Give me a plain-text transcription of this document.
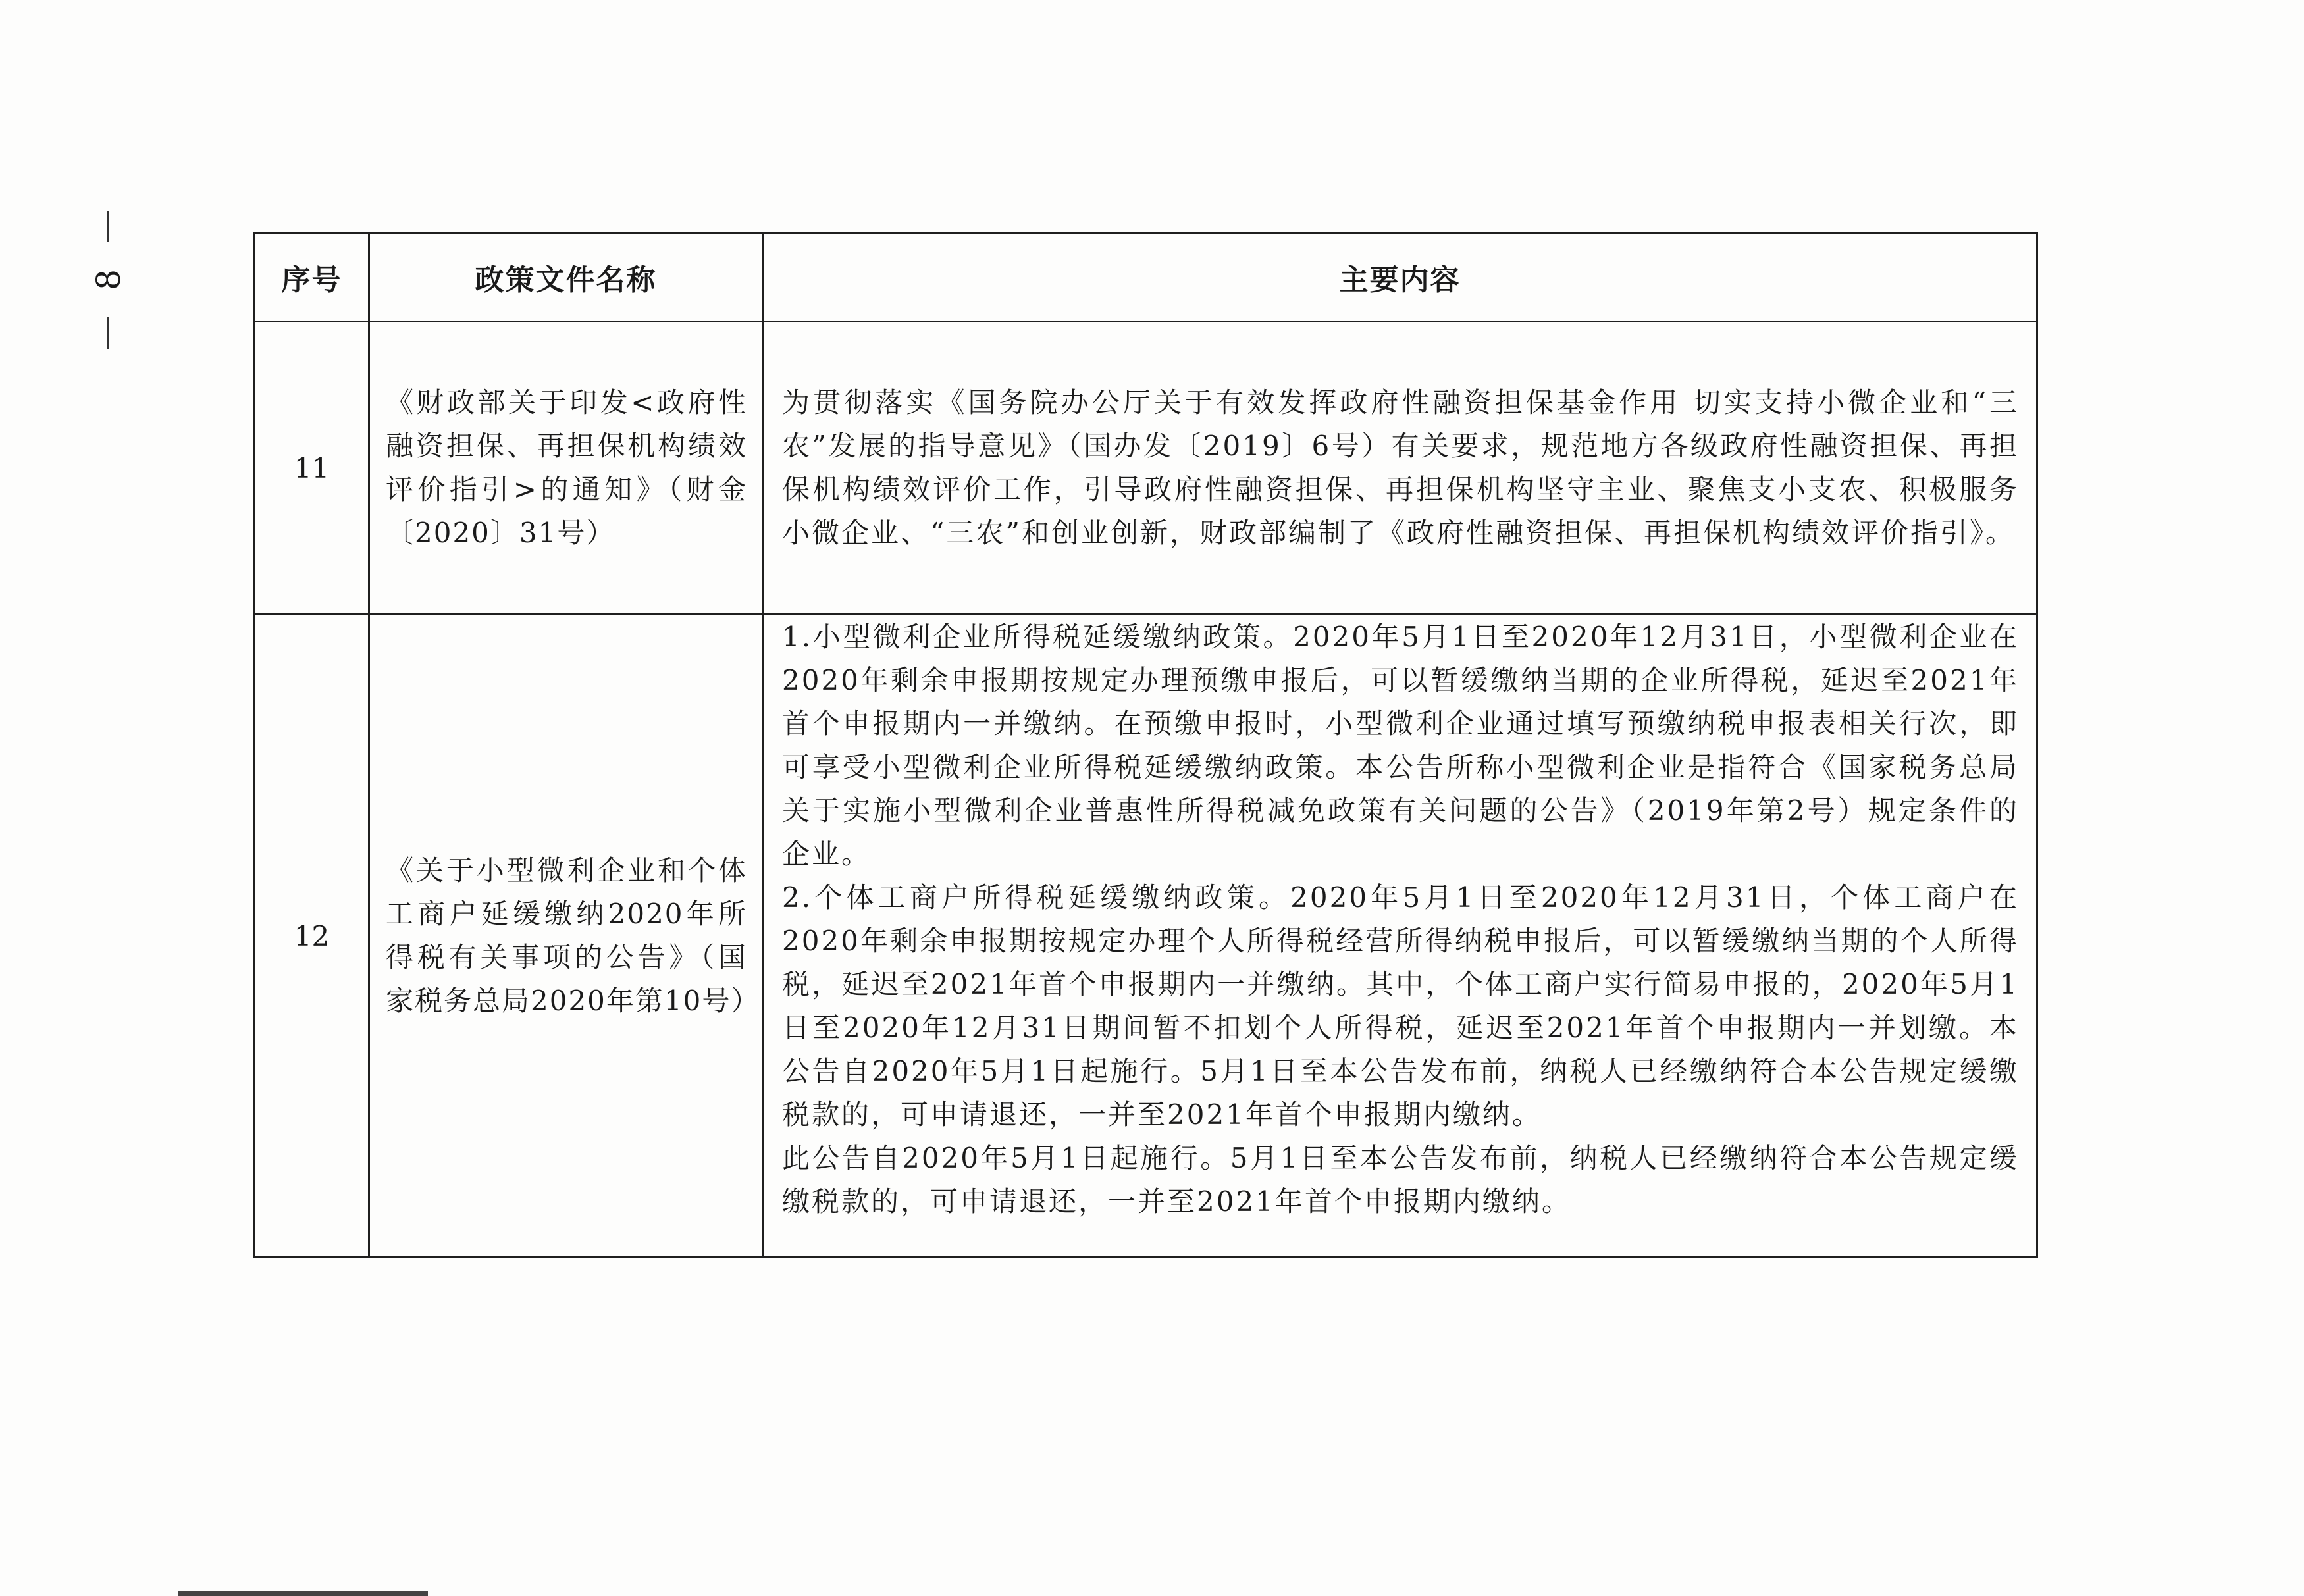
8	序号	政策文件名称	主要内容
11	《财政部关于印发<政府性融资担保、再担保机构绩效评价指引>的通知》（财金〔2020〕31号）	为贯彻落实《国务院办公厅关于有效发挥政府性融资担保基金作用 切实支持小微企业和“三农”发展的指导意见》（国办发〔2019〕6号）有关要求，规范地方各级政府性融资担保、再担保机构绩效评价工作，引导政府性融资担保、再担保机构坚守主业、聚焦支小支农、积极服务小微企业、“三农”和创业创新，财政部编制了《政府性融资担保、再担保机构绩效评价指引》。

12	《关于小型微利企业和个体工商户延缓缴纳2020年所得税有关事项的公告》（国家税务总局2020年第10号）	1.小型微利企业所得税延缓缴纳政策。2020年5月1日至2020年12月31日，小型微利企业在2020年剩余申报期按规定办理预缴申报后，可以暂缓缴纳当期的企业所得税，延迟至2021年首个申报期内一并缴纳。在预缴申报时，小型微利企业通过填写预缴纳税申报表相关行次，即可享受小型微利企业所得税延缓缴纳政策。本公告所称小型微利企业是指符合《国家税务总局关于实施小型微利企业普惠性所得税减免政策有关问题的公告》（2019年第2号）规定条件的企业。

2.个体工商户所得税延缓缴纳政策。2020年5月1日至2020年12月31日，个体工商户在2020年剩余申报期按规定办理个人所得税经营所得纳税申报后，可以暂缓缴纳当期的个人所得税，延迟至2021年首个申报期内一并缴纳。其中，个体工商户实行简易申报的，2020年5月1日至2020年12月31日期间暂不扣划个人所得税，延迟至2021年首个申报期内一并划缴。本公告自2020年5月1日起施行。5月1日至本公告发布前，纳税人已经缴纳符合本公告规定缓缴税款的，可申请退还，一并至2021年首个申报期内缴纳。

此公告自2020年5月1日起施行。5月1日至本公告发布前，纳税人已经缴纳符合本公告规定缓缴税款的，可申请退还，一并至2021年首个申报期内缴纳。
